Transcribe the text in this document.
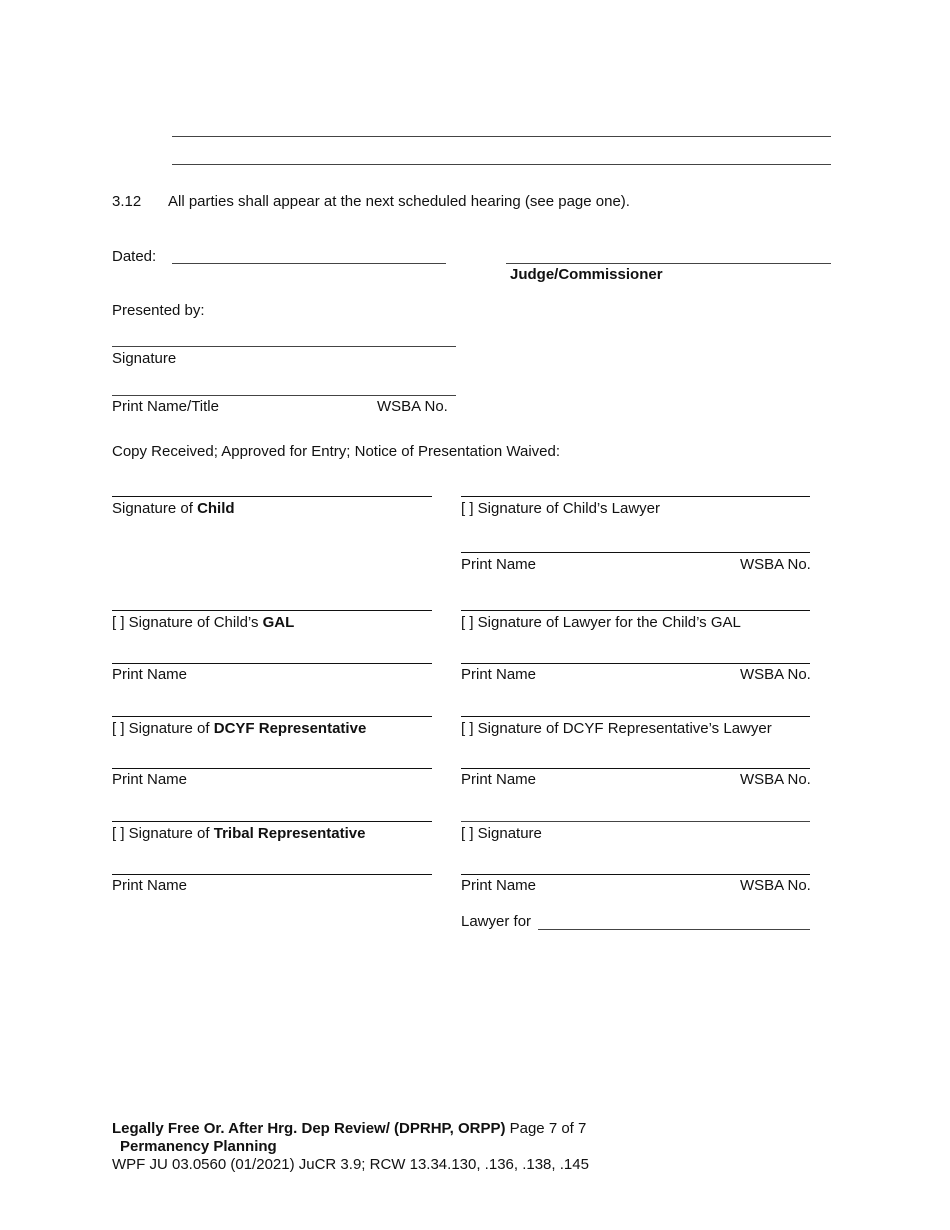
3.12 All parties shall appear at the next scheduled hearing (see page one).
Dated:
Judge/Commissioner
Presented by:
Signature
Print Name/Title	WSBA No.
Copy Received; Approved for Entry; Notice of Presentation Waived:
Signature of Child
[ ] Signature of Child’s GAL
Print Name
[ ] Signature of DCYF Representative
Print Name
[ ] Signature of Tribal Representative
Print Name
[ ] Signature of Child’s Lawyer
Print Name	WSBA No.
[ ] Signature of Lawyer for the Child’s GAL
Print Name	WSBA No.
[ ] Signature of DCYF Representative’s Lawyer
Print Name	WSBA No.
[ ] Signature
Print Name	WSBA No.
Lawyer for
Legally Free Or. After Hrg. Dep Review/ (DPRHP, ORPP) Page 7 of 7
Permanency Planning
WPF JU 03.0560 (01/2021) JuCR 3.9; RCW 13.34.130, .136, .138, .145
